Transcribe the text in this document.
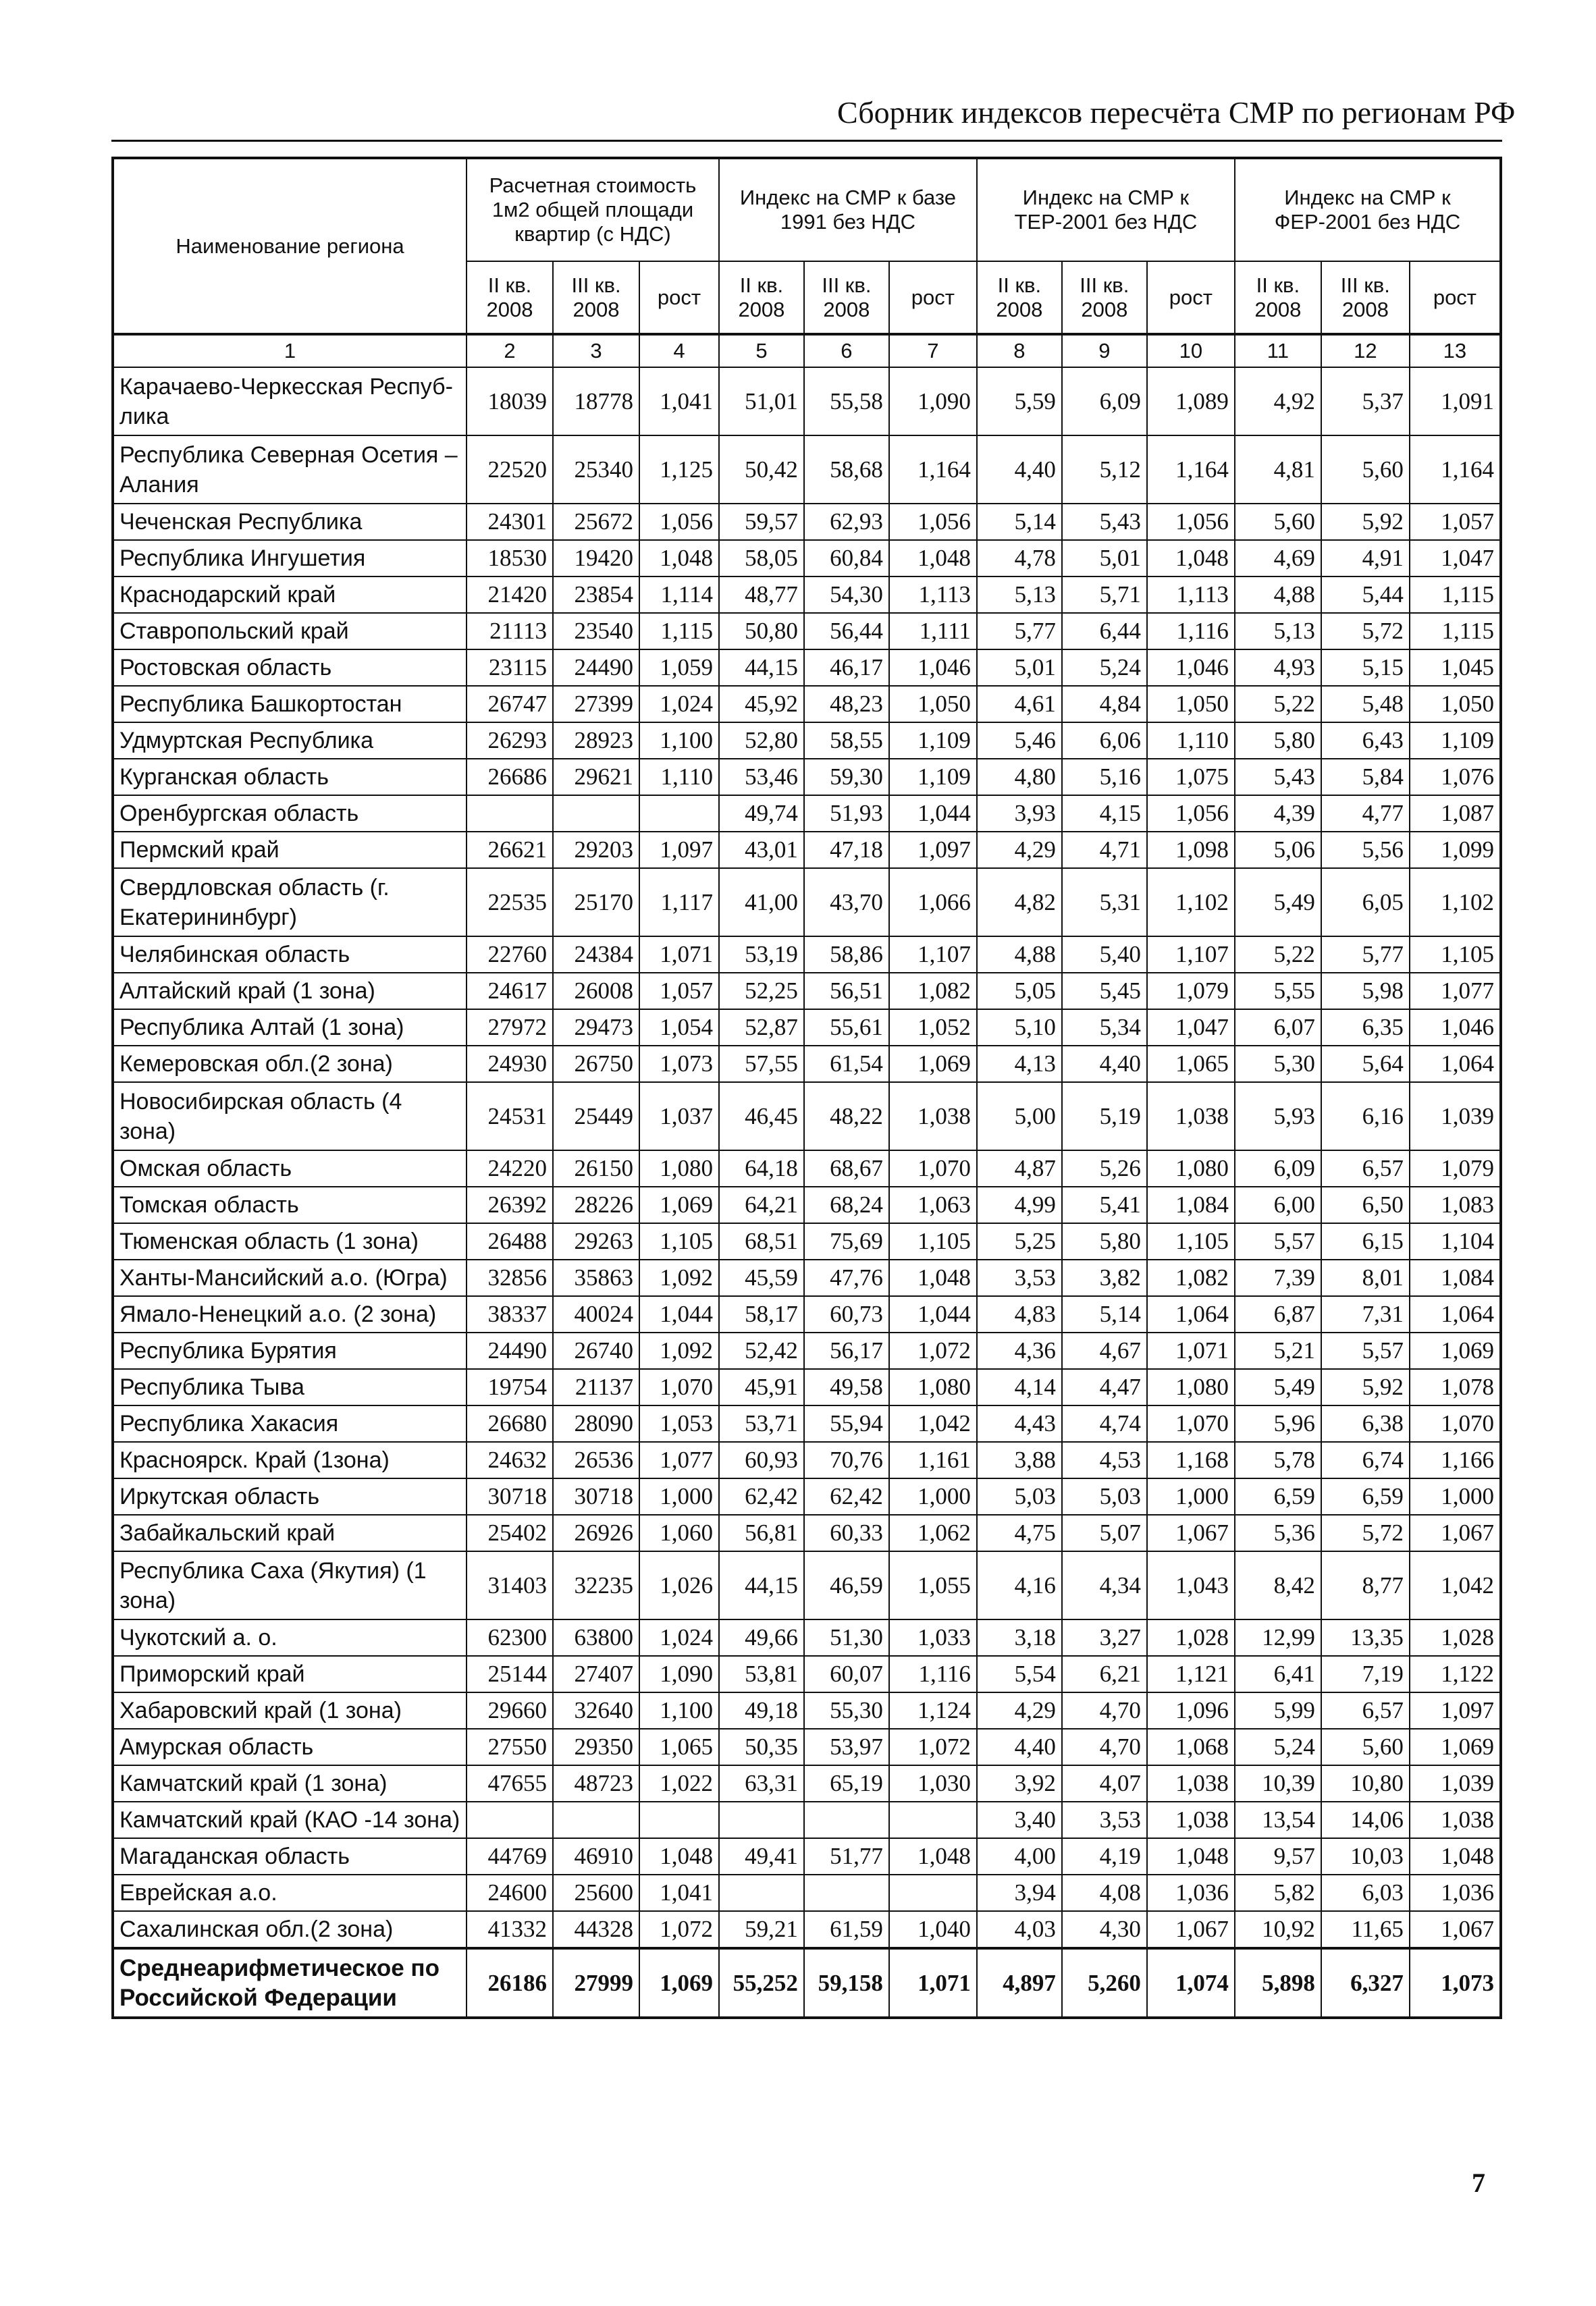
Сборник индексов пересчёта СМР по регионам РФ
Наименование региона	Расчетная стоимость 1м2 общей площади квартир (с НДС)			Индекс на СМР к базе 1991 без НДС			Индекс на СМР к ТЕР-2001 без НДС			Индекс на СМР к ФЕР-2001 без НДС		
	II кв. 2008	III кв. 2008	рост	II кв. 2008	III кв. 2008	рост	II кв. 2008	III кв. 2008	рост	II кв. 2008	III кв. 2008	рост
1	2	3	4	5	6	7	8	9	10	11	12	13
Карачаево-Черкесская Респуб-лика	18039	18778	1,041	51,01	55,58	1,090	5,59	6,09	1,089	4,92	5,37	1,091
Республика Северная Осетия – Алания	22520	25340	1,125	50,42	58,68	1,164	4,40	5,12	1,164	4,81	5,60	1,164
Чеченская Республика	24301	25672	1,056	59,57	62,93	1,056	5,14	5,43	1,056	5,60	5,92	1,057
Республика Ингушетия	18530	19420	1,048	58,05	60,84	1,048	4,78	5,01	1,048	4,69	4,91	1,047
Краснодарский край	21420	23854	1,114	48,77	54,30	1,113	5,13	5,71	1,113	4,88	5,44	1,115
Ставропольский край	21113	23540	1,115	50,80	56,44	1,111	5,77	6,44	1,116	5,13	5,72	1,115
Ростовская область	23115	24490	1,059	44,15	46,17	1,046	5,01	5,24	1,046	4,93	5,15	1,045
Республика Башкортостан	26747	27399	1,024	45,92	48,23	1,050	4,61	4,84	1,050	5,22	5,48	1,050
Удмуртская Республика	26293	28923	1,100	52,80	58,55	1,109	5,46	6,06	1,110	5,80	6,43	1,109
Курганская область	26686	29621	1,110	53,46	59,30	1,109	4,80	5,16	1,075	5,43	5,84	1,076
Оренбургская область				49,74	51,93	1,044	3,93	4,15	1,056	4,39	4,77	1,087
Пермский край	26621	29203	1,097	43,01	47,18	1,097	4,29	4,71	1,098	5,06	5,56	1,099
Свердловская область (г. Екатерининбург)	22535	25170	1,117	41,00	43,70	1,066	4,82	5,31	1,102	5,49	6,05	1,102
Челябинская область	22760	24384	1,071	53,19	58,86	1,107	4,88	5,40	1,107	5,22	5,77	1,105
Алтайский край (1 зона)	24617	26008	1,057	52,25	56,51	1,082	5,05	5,45	1,079	5,55	5,98	1,077
Республика Алтай (1 зона)	27972	29473	1,054	52,87	55,61	1,052	5,10	5,34	1,047	6,07	6,35	1,046
Кемеровская обл.(2 зона)	24930	26750	1,073	57,55	61,54	1,069	4,13	4,40	1,065	5,30	5,64	1,064
Новосибирская область (4 зона)	24531	25449	1,037	46,45	48,22	1,038	5,00	5,19	1,038	5,93	6,16	1,039
Омская область	24220	26150	1,080	64,18	68,67	1,070	4,87	5,26	1,080	6,09	6,57	1,079
Томская область	26392	28226	1,069	64,21	68,24	1,063	4,99	5,41	1,084	6,00	6,50	1,083
Тюменская область (1 зона)	26488	29263	1,105	68,51	75,69	1,105	5,25	5,80	1,105	5,57	6,15	1,104
Ханты-Мансийский а.о. (Югра)	32856	35863	1,092	45,59	47,76	1,048	3,53	3,82	1,082	7,39	8,01	1,084
Ямало-Ненецкий а.о. (2 зона)	38337	40024	1,044	58,17	60,73	1,044	4,83	5,14	1,064	6,87	7,31	1,064
Республика Бурятия	24490	26740	1,092	52,42	56,17	1,072	4,36	4,67	1,071	5,21	5,57	1,069
Республика Тыва	19754	21137	1,070	45,91	49,58	1,080	4,14	4,47	1,080	5,49	5,92	1,078
Республика Хакасия	26680	28090	1,053	53,71	55,94	1,042	4,43	4,74	1,070	5,96	6,38	1,070
Красноярск. Край (1зона)	24632	26536	1,077	60,93	70,76	1,161	3,88	4,53	1,168	5,78	6,74	1,166
Иркутская область	30718	30718	1,000	62,42	62,42	1,000	5,03	5,03	1,000	6,59	6,59	1,000
Забайкальский край	25402	26926	1,060	56,81	60,33	1,062	4,75	5,07	1,067	5,36	5,72	1,067
Республика Саха (Якутия) (1 зона)	31403	32235	1,026	44,15	46,59	1,055	4,16	4,34	1,043	8,42	8,77	1,042
Чукотский а. о.	62300	63800	1,024	49,66	51,30	1,033	3,18	3,27	1,028	12,99	13,35	1,028
Приморский край	25144	27407	1,090	53,81	60,07	1,116	5,54	6,21	1,121	6,41	7,19	1,122
Хабаровский край (1 зона)	29660	32640	1,100	49,18	55,30	1,124	4,29	4,70	1,096	5,99	6,57	1,097
Амурская область	27550	29350	1,065	50,35	53,97	1,072	4,40	4,70	1,068	5,24	5,60	1,069
Камчатский край (1 зона)	47655	48723	1,022	63,31	65,19	1,030	3,92	4,07	1,038	10,39	10,80	1,039
Камчатский край (КАО -14 зона)							3,40	3,53	1,038	13,54	14,06	1,038
Магаданская область	44769	46910	1,048	49,41	51,77	1,048	4,00	4,19	1,048	9,57	10,03	1,048
Еврейская а.о.	24600	25600	1,041				3,94	4,08	1,036	5,82	6,03	1,036
Сахалинская обл.(2 зона)	41332	44328	1,072	59,21	61,59	1,040	4,03	4,30	1,067	10,92	11,65	1,067
Среднеарифметическое по Российской Федерации	26186	27999	1,069	55,252	59,158	1,071	4,897	5,260	1,074	5,898	6,327	1,073
7
